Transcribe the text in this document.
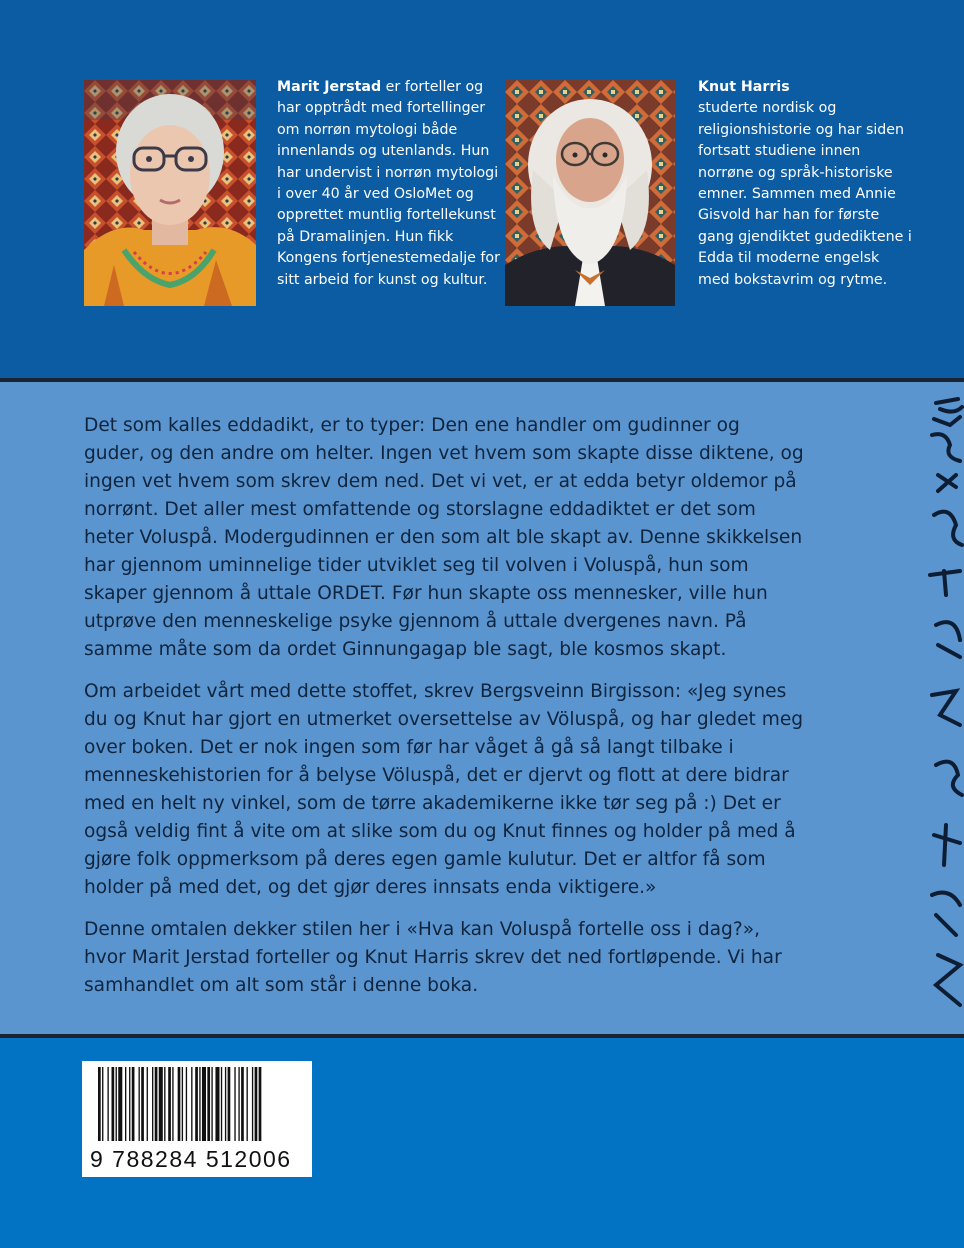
Marit Jerstad er forteller og har opptrådt med fortellinger om norrøn mytologi både innenlands og utenlands. Hun har undervist i norrøn mytologi i over 40 år ved OsloMet og opprettet muntlig fortellekunst på Dramalinjen. Hun fikk Kongens fortjenestemedalje for sitt arbeid for kunst og kultur.
Knut Harris
studerte nordisk og religionshistorie og har siden fortsatt studiene innen norrøne og språk-historiske emner. Sammen med Annie Gisvold har han for første gang gjendiktet gudediktene i Edda til moderne engelsk med bokstavrim og rytme.

Det som kalles eddadikt, er to typer: Den ene handler om gudinner og guder, og den andre om helter. Ingen vet hvem som skapte disse diktene, og ingen vet hvem som skrev dem ned. Det vi vet, er at edda betyr oldemor på norrønt. Det aller mest omfattende og storslagne eddadiktet er det som heter Voluspå. Modergudinnen er den som alt ble skapt av. Denne skikkelsen har gjennom uminnelige tider utviklet seg til volven i Voluspå, hun som skaper gjennom å uttale ORDET. Før hun skapte oss mennesker, ville hun utprøve den menneskelige psyke gjennom å uttale dvergenes navn. På samme måte som da ordet Ginnungagap ble sagt, ble kosmos skapt.

Om arbeidet vårt med dette stoffet, skrev Bergsveinn Birgisson: «Jeg synes du og Knut har gjort en utmerket oversettelse av Völuspå, og har gledet meg over boken. Det er nok ingen som før har våget å gå så langt tilbake i menneskehistorien for å belyse Völuspå, det er djervt og flott at dere bidrar med en helt ny vinkel, som de tørre akademikerne ikke tør seg på :) Det er også veldig fint å vite om at slike som du og Knut finnes og holder på med å gjøre folk oppmerksom på deres egen gamle kulutur. Det er altfor få som holder på med det, og det gjør deres innsats enda viktigere.»

Denne omtalen dekker stilen her i «Hva kan Voluspå fortelle oss i dag?», hvor Marit Jerstad forteller og Knut Harris skrev det ned fortløpende. Vi har samhandlet om alt som står i denne boka.

9 788284 512006
